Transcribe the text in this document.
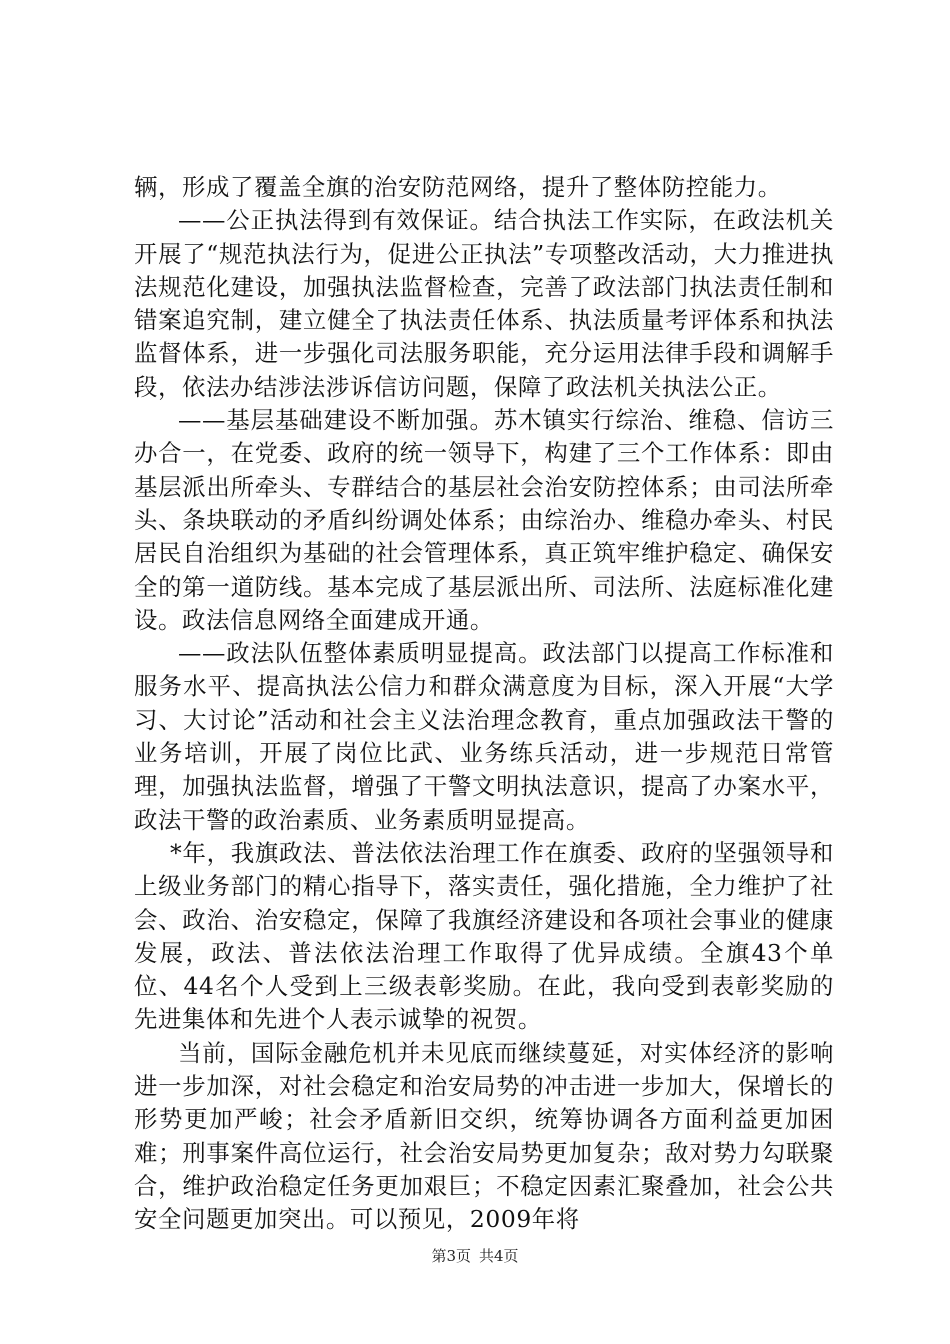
辆，形成了覆盖全旗的治安防范网络，提升了整体防控能力。

——公正执法得到有效保证。结合执法工作实际，在政法机关开展了“规范执法行为，促进公正执法”专项整改活动，大力推进执法规范化建设，加强执法监督检查，完善了政法部门执法责任制和错案追究制，建立健全了执法责任体系、执法质量考评体系和执法监督体系，进一步强化司法服务职能，充分运用法律手段和调解手段，依法办结涉法涉诉信访问题，保障了政法机关执法公正。

——基层基础建设不断加强。苏木镇实行综治、维稳、信访三办合一，在党委、政府的统一领导下，构建了三个工作体系：即由基层派出所牵头、专群结合的基层社会治安防控体系；由司法所牵头、条块联动的矛盾纠纷调处体系；由综治办、维稳办牵头、村民居民自治组织为基础的社会管理体系，真正筑牢维护稳定、确保安全的第一道防线。基本完成了基层派出所、司法所、法庭标准化建设。政法信息网络全面建成开通。

——政法队伍整体素质明显提高。政法部门以提高工作标准和服务水平、提高执法公信力和群众满意度为目标，深入开展“大学习、大讨论”活动和社会主义法治理念教育，重点加强政法干警的业务培训，开展了岗位比武、业务练兵活动，进一步规范日常管理，加强执法监督，增强了干警文明执法意识，提高了办案水平，政法干警的政治素质、业务素质明显提高。

*年，我旗政法、普法依法治理工作在旗委、政府的坚强领导和上级业务部门的精心指导下，落实责任，强化措施，全力维护了社会、政治、治安稳定，保障了我旗经济建设和各项社会事业的健康发展，政法、普法依法治理工作取得了优异成绩。全旗43个单位、44名个人受到上三级表彰奖励。在此，我向受到表彰奖励的先进集体和先进个人表示诚挚的祝贺。

当前，国际金融危机并未见底而继续蔓延，对实体经济的影响进一步加深，对社会稳定和治安局势的冲击进一步加大，保增长的形势更加严峻；社会矛盾新旧交织，统筹协调各方面利益更加困难；刑事案件高位运行，社会治安局势更加复杂；敌对势力勾联聚合，维护政治稳定任务更加艰巨；不稳定因素汇聚叠加，社会公共安全问题更加突出。可以预见，2009年将

第3页 共4页
